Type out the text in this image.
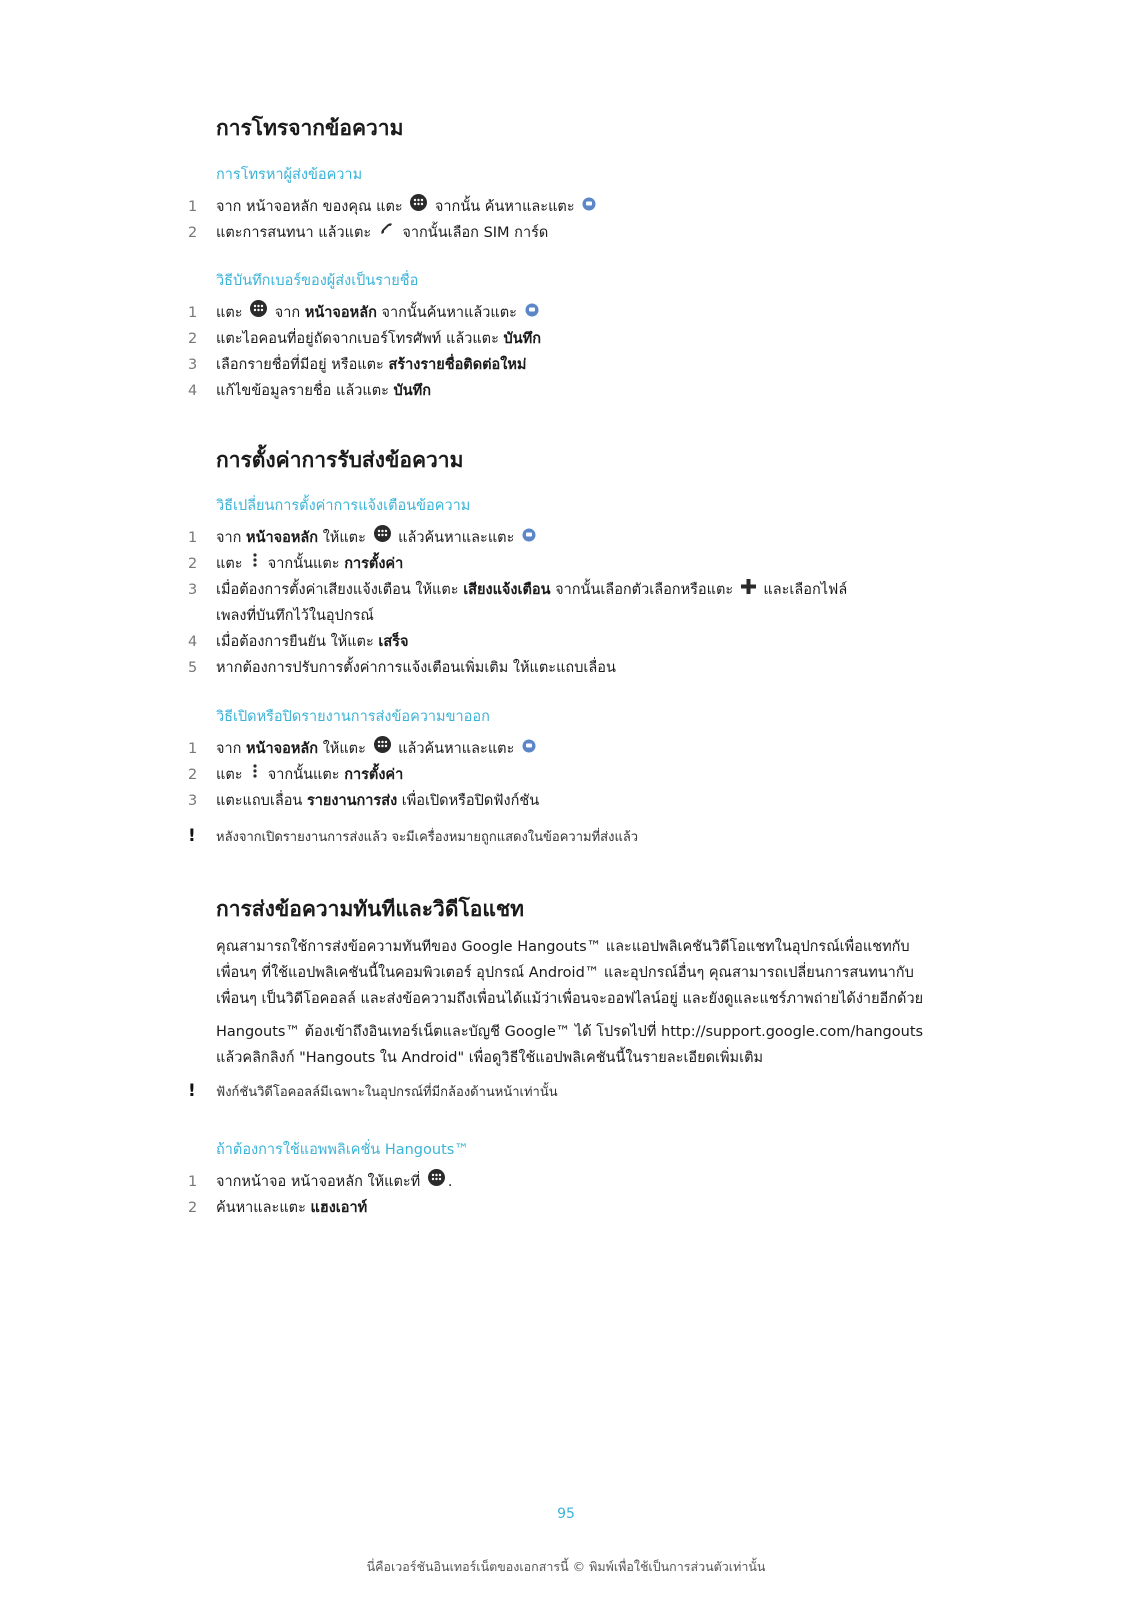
การโทรจากข้อความ
การโทรหาผู้ส่งข้อความ
1 จาก หน้าจอหลัก ของคุณ แตะ จากนั้น ค้นหาและแตะ
2 แตะการสนทนา แล้วแตะ จากนั้นเลือก SIM การ์ด
วิธีบันทึกเบอร์ของผู้ส่งเป็นรายชื่อ
1 แตะ จาก หน้าจอหลัก จากนั้นค้นหาแล้วแตะ
2 แตะไอคอนที่อยู่ถัดจากเบอร์โทรศัพท์ แล้วแตะ บันทึก
3 เลือกรายชื่อที่มีอยู่ หรือแตะ สร้างรายชื่อติดต่อใหม่
4 แก้ไขข้อมูลรายชื่อ แล้วแตะ บันทึก
การตั้งค่าการรับส่งข้อความ
วิธีเปลี่ยนการตั้งค่าการแจ้งเตือนข้อความ
1 จาก หน้าจอหลัก ให้แตะ แล้วค้นหาและแตะ
2 แตะ จากนั้นแตะ การตั้งค่า
3 เมื่อต้องการตั้งค่าเสียงแจ้งเตือน ให้แตะ เสียงแจ้งเตือน จากนั้นเลือกตัวเลือกหรือแตะ และเลือกไฟล์
เพลงที่บันทึกไว้ในอุปกรณ์
4 เมื่อต้องการยืนยัน ให้แตะ เสร็จ
5 หากต้องการปรับการตั้งค่าการแจ้งเตือนเพิ่มเติม ให้แตะแถบเลื่อน
วิธีเปิดหรือปิดรายงานการส่งข้อความขาออก
1 จาก หน้าจอหลัก ให้แตะ แล้วค้นหาและแตะ
2 แตะ จากนั้นแตะ การตั้งค่า
3 แตะแถบเลื่อน รายงานการส่ง เพื่อเปิดหรือปิดฟังก์ชัน
! หลังจากเปิดรายงานการส่งแล้ว จะมีเครื่องหมายถูกแสดงในข้อความที่ส่งแล้ว
การส่งข้อความทันทีและวิดีโอแชท

คุณสามารถใช้การส่งข้อความทันทีของ Google Hangouts™ และแอปพลิเคชันวิดีโอแชทในอุปกรณ์เพื่อแชทกับเพื่อนๆ ที่ใช้แอปพลิเคชันนี้ในคอมพิวเตอร์ อุปกรณ์ Android™ และอุปกรณ์อื่นๆ คุณสามารถเปลี่ยนการสนทนากับเพื่อนๆ เป็นวิดีโอคอลล์ และส่งข้อความถึงเพื่อนได้แม้ว่าเพื่อนจะออฟไลน์อยู่ และยังดูและแชร์ภาพถ่ายได้ง่ายอีกด้วย

Hangouts™ ต้องเข้าถึงอินเทอร์เน็ตและบัญชี Google™ ได้ โปรดไปที่ http://support.google.com/hangouts แล้วคลิกลิงก์ "Hangouts ใน Android" เพื่อดูวิธีใช้แอปพลิเคชันนี้ในรายละเอียดเพิ่มเติม

! ฟังก์ชันวิดีโอคอลล์มีเฉพาะในอุปกรณ์ที่มีกล้องด้านหน้าเท่านั้น
ถ้าต้องการใช้แอพพลิเคชั่น Hangouts™
1 จากหน้าจอ หน้าจอหลัก ให้แตะที่ .
2 ค้นหาและแตะ แฮงเอาท์
95
นี่คือเวอร์ชันอินเทอร์เน็ตของเอกสารนี้ © พิมพ์เพื่อใช้เป็นการส่วนตัวเท่านั้น
